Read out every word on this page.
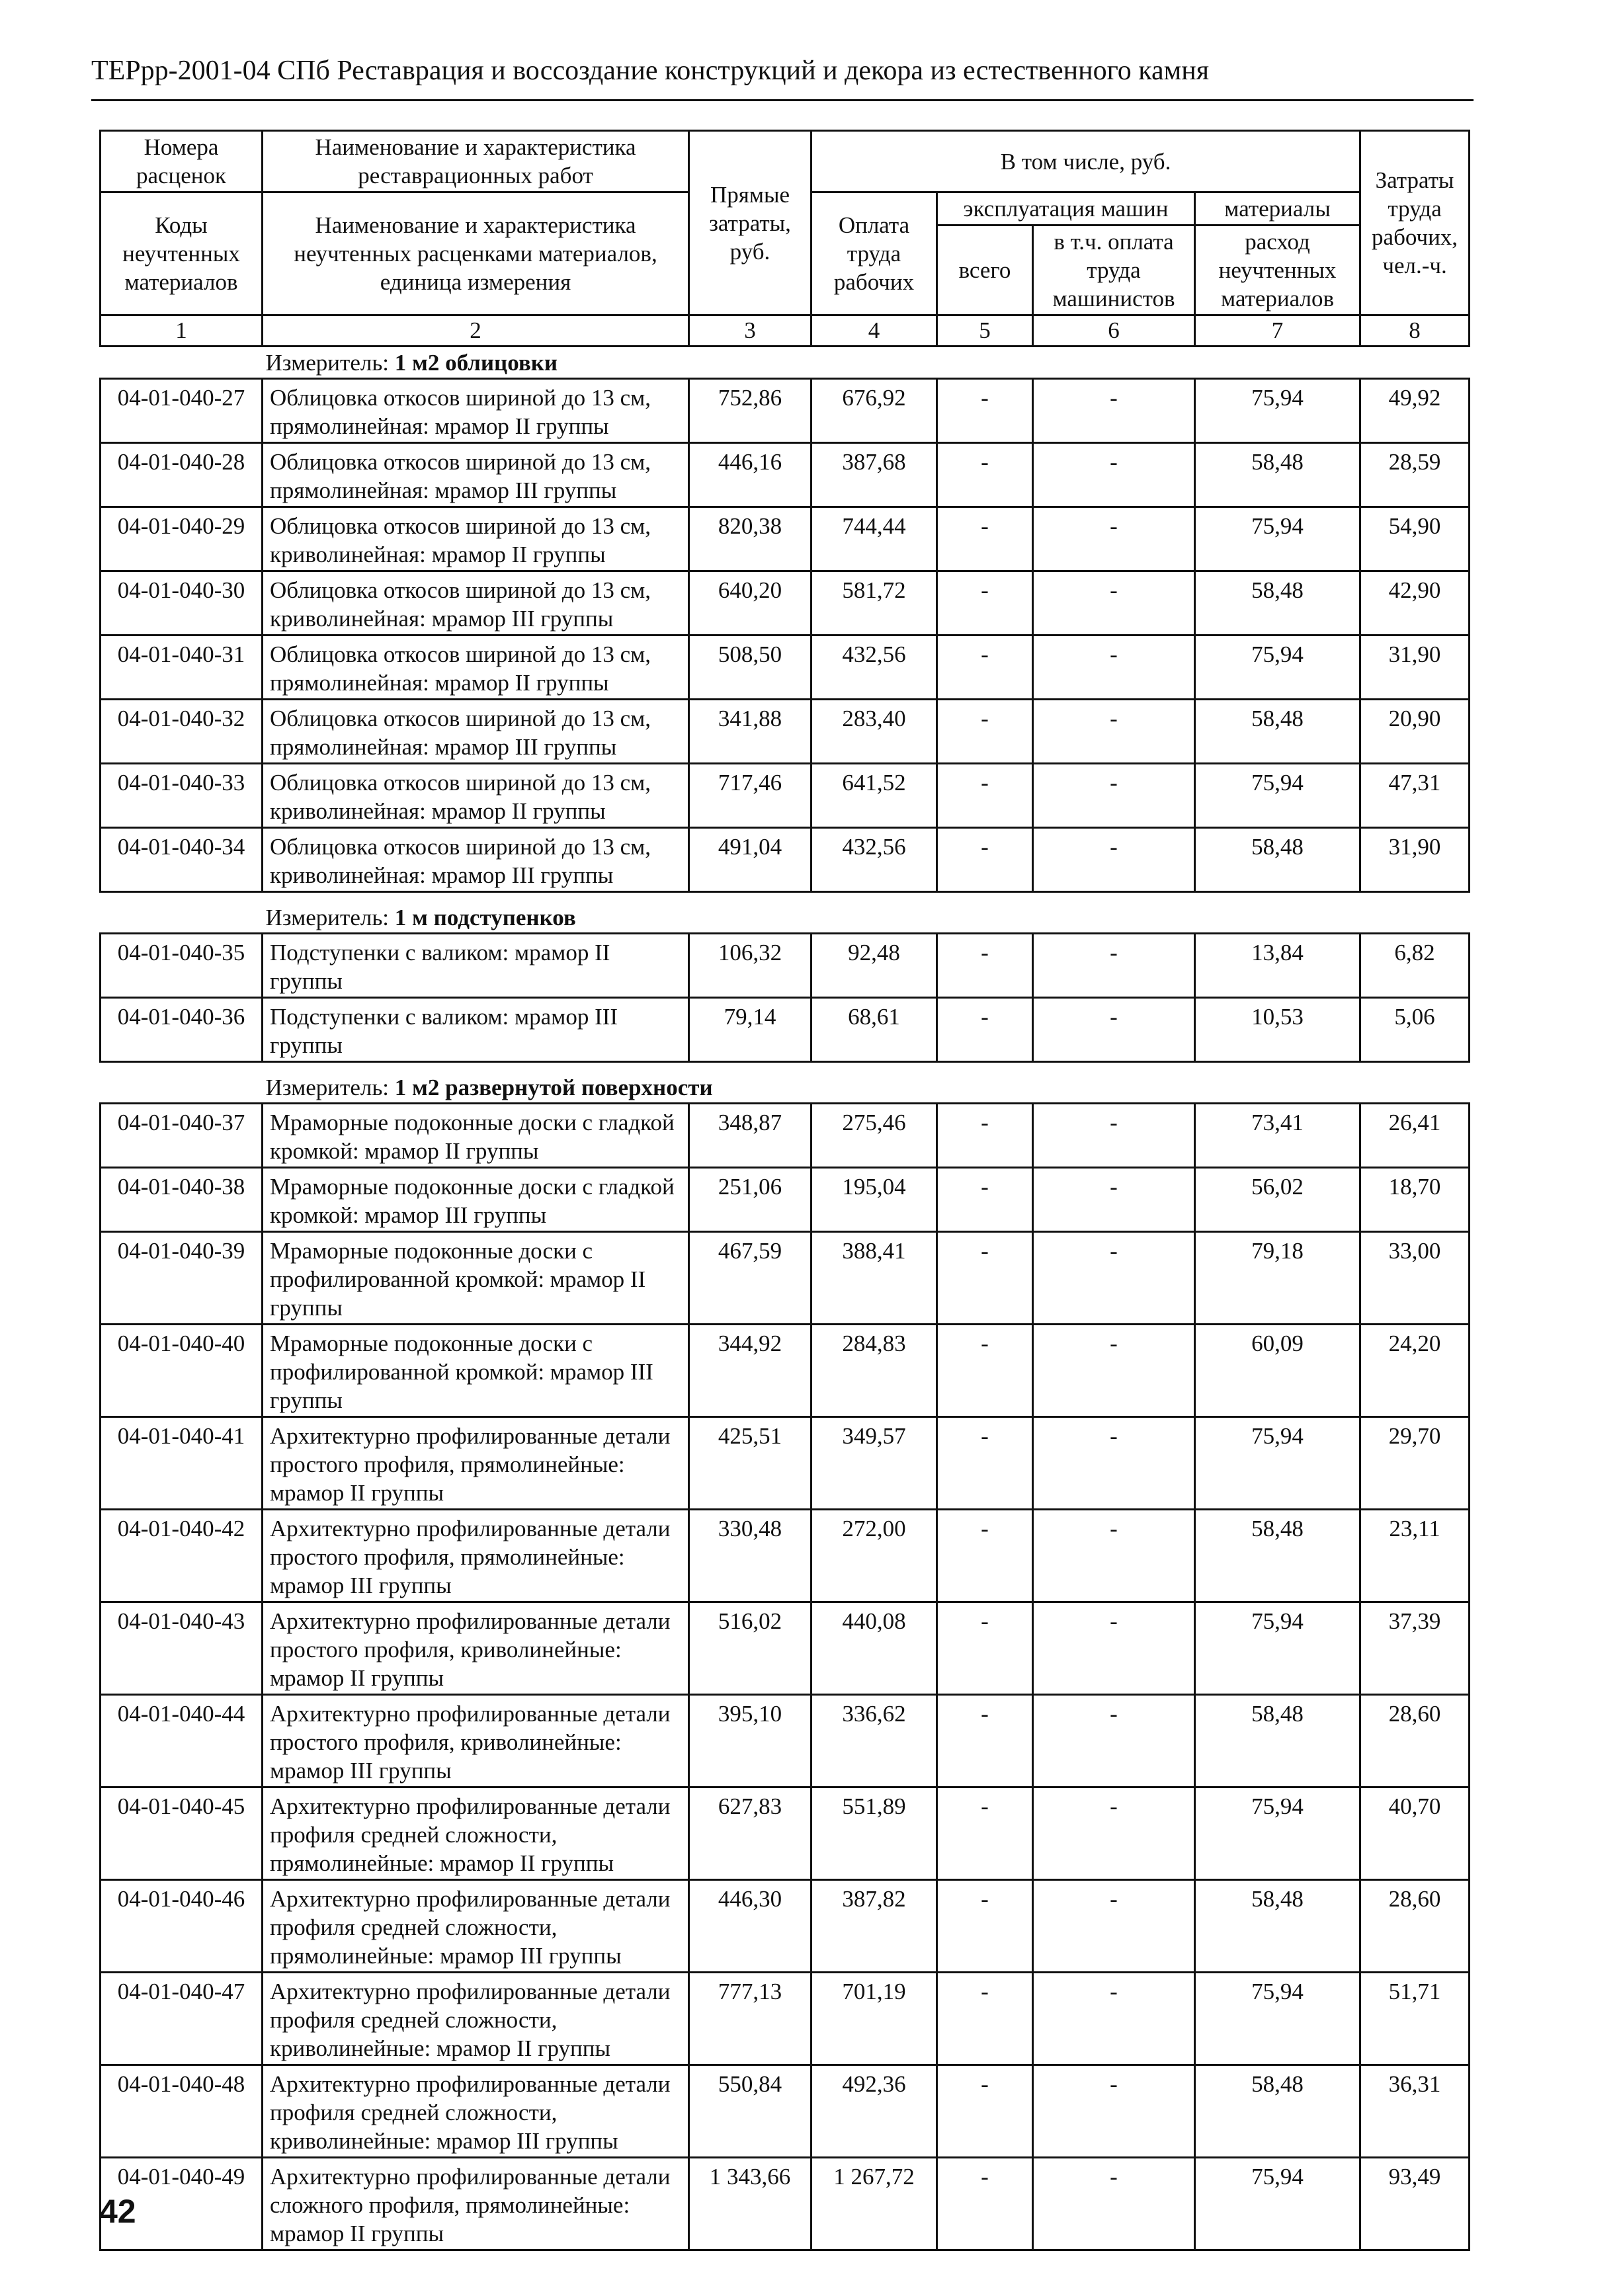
ТЕРрр-2001-04 СПб Реставрация и воссоздание конструкций и декора из естественного камня
Номера расценок	Наименование и характеристика реставрационных работ	Прямые затраты, руб.	В том числе, руб.				Затраты труда рабочих, чел.-ч.
Коды неучтенных материалов	Наименование и характеристика неучтенных расценками материалов, единица измерения		Оплата труда рабочих	эксплуатация машин		материалы	
				всего	в т.ч. оплата труда машинистов	расход неучтенных материалов	
1	2	3	4	5	6	7	8
Измеритель: 1 м2 облицовки							
04-01-040-27	Облицовка откосов шириной до 13 см, прямолинейная: мрамор II группы	752,86	676,92	-	-	75,94	49,92
04-01-040-28	Облицовка откосов шириной до 13 см, прямолинейная: мрамор III группы	446,16	387,68	-	-	58,48	28,59
04-01-040-29	Облицовка откосов шириной до 13 см, криволинейная: мрамор II группы	820,38	744,44	-	-	75,94	54,90
04-01-040-30	Облицовка откосов шириной до 13 см, криволинейная: мрамор III группы	640,20	581,72	-	-	58,48	42,90
04-01-040-31	Облицовка откосов шириной до 13 см, прямолинейная: мрамор II группы	508,50	432,56	-	-	75,94	31,90
04-01-040-32	Облицовка откосов шириной до 13 см, прямолинейная: мрамор III группы	341,88	283,40	-	-	58,48	20,90
04-01-040-33	Облицовка откосов шириной до 13 см, криволинейная: мрамор II группы	717,46	641,52	-	-	75,94	47,31
04-01-040-34	Облицовка откосов шириной до 13 см, криволинейная: мрамор III группы	491,04	432,56	-	-	58,48	31,90

Измеритель: 1 м подступенков							
04-01-040-35	Подступенки с валиком: мрамор II группы	106,32	92,48	-	-	13,84	6,82
04-01-040-36	Подступенки с валиком: мрамор III группы	79,14	68,61	-	-	10,53	5,06

Измеритель: 1 м2 развернутой поверхности							
04-01-040-37	Мраморные подоконные доски с гладкой кромкой: мрамор II группы	348,87	275,46	-	-	73,41	26,41
04-01-040-38	Мраморные подоконные доски с гладкой кромкой: мрамор III группы	251,06	195,04	-	-	56,02	18,70
04-01-040-39	Мраморные подоконные доски с профилированной кромкой: мрамор II группы	467,59	388,41	-	-	79,18	33,00
04-01-040-40	Мраморные подоконные доски с профилированной кромкой: мрамор III группы	344,92	284,83	-	-	60,09	24,20
04-01-040-41	Архитектурно профилированные детали простого профиля, прямолинейные: мрамор II группы	425,51	349,57	-	-	75,94	29,70
04-01-040-42	Архитектурно профилированные детали простого профиля, прямолинейные: мрамор III группы	330,48	272,00	-	-	58,48	23,11
04-01-040-43	Архитектурно профилированные детали простого профиля, криволинейные: мрамор II группы	516,02	440,08	-	-	75,94	37,39
04-01-040-44	Архитектурно профилированные детали простого профиля, криволинейные: мрамор III группы	395,10	336,62	-	-	58,48	28,60
04-01-040-45	Архитектурно профилированные детали профиля средней сложности, прямолинейные: мрамор II группы	627,83	551,89	-	-	75,94	40,70
04-01-040-46	Архитектурно профилированные детали профиля средней сложности, прямолинейные: мрамор III группы	446,30	387,82	-	-	58,48	28,60
04-01-040-47	Архитектурно профилированные детали профиля средней сложности, криволинейные: мрамор II группы	777,13	701,19	-	-	75,94	51,71
04-01-040-48	Архитектурно профилированные детали профиля средней сложности, криволинейные: мрамор III группы	550,84	492,36	-	-	58,48	36,31
04-01-040-49	Архитектурно профилированные детали сложного профиля, прямолинейные: мрамор II группы	1 343,66	1 267,72	-	-	75,94	93,49
42
